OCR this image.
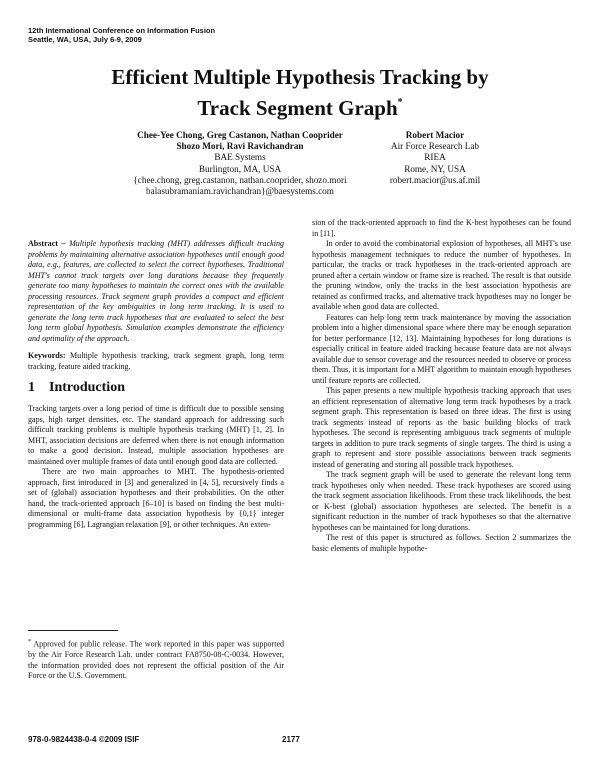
12th International Conference on Information Fusion
Seattle, WA, USA, July 6-9, 2009
Efficient Multiple Hypothesis Tracking by
Track Segment Graph*
Chee-Yee Chong, Greg Castanon, Nathan Cooprider
Shozo Mori, Ravi Ravichandran
BAE Systems
Burlington, MA, USA
{chee.chong, greg.castanon, nathan.cooprider, shozo.mori
balasubramaniam.ravichandran}@baesystems.com
Robert Macior
Air Force Research Lab
RIEA
Rome, NY, USA
robert.macior@us.af.mil

Abstract – Multiple hypothesis tracking (MHT) addresses difficult tracking problems by maintaining alternative association hypotheses until enough good data, e.g., features, are collected to select the correct hypotheses. Traditional MHT's cannot track targets over long durations because they frequently generate too many hypotheses to maintain the correct ones with the available processing resources. Track segment graph provides a compact and efficient representation of the key ambiguities in long term tracking. It is used to generate the long term track hypotheses that are evaluated to select the best long term global hypothesis. Simulation examples demonstrate the efficiency and optimality of the approach.

Keywords: Multiple hypothesis tracking, track segment graph, long term tracking, feature aided tracking.

1 Introduction

Tracking targets over a long period of time is difficult due to possible sensing gaps, high target densities, etc. The standard approach for addressing such difficult tracking problems is multiple hypothesis tracking (MHT) [1, 2]. In MHT, association decisions are deferred when there is not enough information to make a good decision. Instead, multiple association hypotheses are maintained over multiple frames of data until enough good data are collected.

There are two main approaches to MHT. The hypothesis-oriented approach, first introduced in [3] and generalized in [4, 5], recursively finds a set of (global) association hypotheses and their probabilities. On the other hand, the track-oriented approach [6–10] is based on finding the best multi-dimensional or multi-frame data association hypothesis by {0,1} integer programming [6], Lagrangian relaxation [9], or other techniques. An exten-

sion of the track-oriented approach to find the K-best hypotheses can be found in [11].

In order to avoid the combinatorial explosion of hypotheses, all MHT's use hypothesis management techniques to reduce the number of hypotheses. In particular, the tracks or track hypotheses in the track-oriented approach are pruned after a certain window or frame size is reached. The result is that outside the pruning window, only the tracks in the best association hypothesis are retained as confirmed tracks, and alternative track hypotheses may no longer be available when good data are collected.

Features can help long term track maintenance by moving the association problem into a higher dimensional space where there may be enough separation for better performance [12, 13]. Maintaining hypotheses for long durations is especially critical in feature aided tracking because feature data are not always available due to sensor coverage and the resources needed to observe or process them. Thus, it is important for a MHT algorithm to maintain enough hypotheses until feature reports are collected.

This paper presents a new multiple hypothesis tracking approach that uses an efficient representation of alternative long term track hypotheses by a track segment graph. This representation is based on three ideas. The first is using track segments instead of reports as the basic building blocks of track hypotheses. The second is representing ambiguous track segments of multiple targets in addition to pure track segments of single targets. The third is using a graph to represent and store possible associations between track segments instead of generating and storing all possible track hypotheses.

The track segment graph will be used to generate the relevant long term track hypotheses only when needed. These track hypotheses are scored using the track segment association likelihoods. From these track likelihoods, the best or K-best (global) association hypotheses are selected. The benefit is a significant reduction in the number of track hypotheses so that the alternative hypotheses can be maintained for long durations.

The rest of this paper is structured as follows. Section 2 summarizes the basic elements of multiple hypothe-

* Approved for public release. The work reported in this paper was supported by the Air Force Research Lab. under contract FA8750-08-C-0034. However, the information provided does not represent the official position of the Air Force or the U.S. Government.
978-0-9824438-0-4 ©2009 ISIF	2177
